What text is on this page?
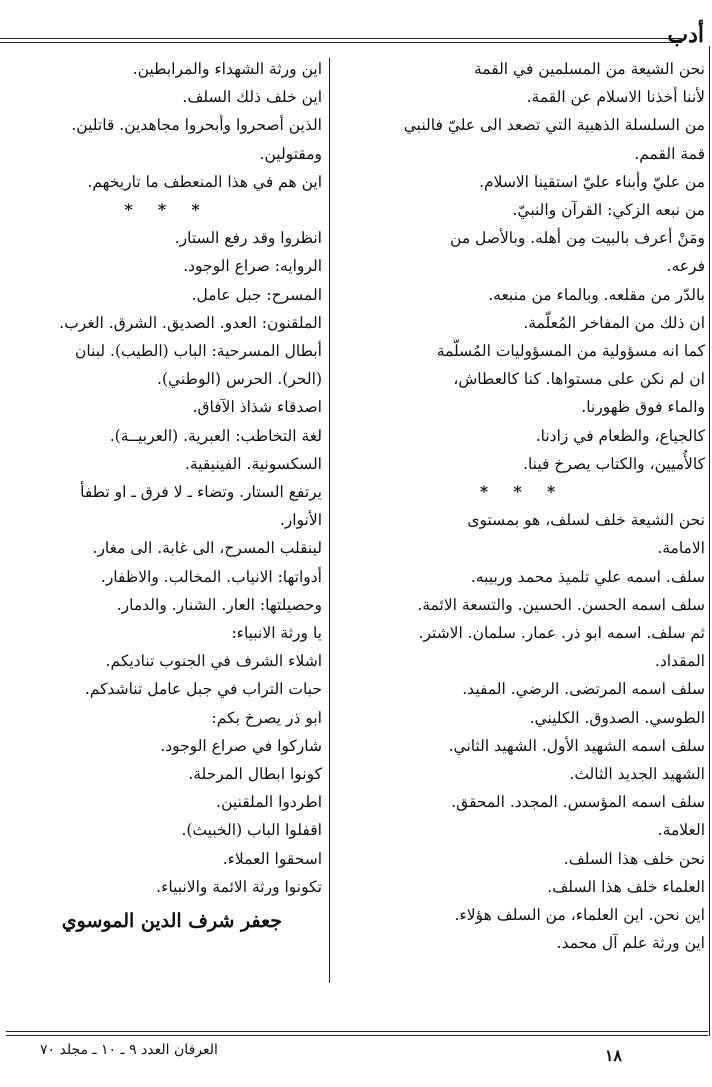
أدب
نحن الشيعة من المسلمين في القمة
لأننا أخذنا الاسلام عن القمة.
من السلسلة الذهبية التي تصعد الى عليّ فالنبي
قمة القمم.
من عليّ وأبناء عليّ استقينا الاسلام.
من نبعه الزكي: القرآن والنبيّ.
ومَنْ أعرف بالبيت مِن أهله. وبالأصل من
فرعه.
بالدّر من مقلعه. وبالماء من منبعه.
ان ذلك من المفاخر المُعلّمة.
كما انه مسؤولية من المسؤوليات المُسلّمة
ان لم نكن على مستواها. كنا كالعطاش،
والماء فوق ظهورنا.
كالجياع، والطعام في زادنا.
كالأُميين، والكتاب يصرخ فينا.
* * *
نحن الشيعة خلف لسلف، هو بمستوى
الامامة.
سلف. اسمه علي تلميذ محمد وربيبه.
سلف اسمه الحسن. الحسين. والتسعة الائمة.
ثم سلف. اسمه ابو ذر. عمار. سلمان. الاشتر.
المقداد.
سلف اسمه المرتضى. الرضي. المفيد.
الطوسي. الصدوق. الكليني.
سلف اسمه الشهيد الأول. الشهيد الثاني.
الشهيد الجديد الثالث.
سلف اسمه المؤسس. المجدد. المحقق.
العلامة.
نحن خلف هذا السلف.
العلماء خلف هذا السلف.
اين نحن. اين العلماء، من السلف هؤلاء.
اين ورثة علم آل محمد.
اين ورثة الشهداء والمرابطين.
اين خلف ذلك السلف.
الذين أصحروا وأبحروا مجاهدين. قاتلين.
ومقتولين.
اين هم في هذا المنعطف ما تاريخهم.
* * *
انظروا وقد رفع الستار.
الروايه: صراع الوجود.
المسرح: جبل عامل.
الملقنون: العدو. الصديق. الشرق. الغرب.
أبطال المسرحية: الباب (الطيب). لبنان
(الحر). الحرس (الوطني).
اصدقاء شذاذ الآفاق.
لغة التخاطب: العبرية. (العربيــة).
السكسونية. الفينيقية.
يرتفع الستار. وتضاء ـ لا فرق ـ او تطفأ
الأنوار.
لينقلب المسرح، الى غابة. الى مغار.
أدواتها: الانياب. المخالب. والاظفار.
وحصيلتها: العار. الشنار. والدمار.
يا ورثة الانبياء:
اشلاء الشرف في الجنوب تناديكم.
حبات التراب في جبل عامل تناشدكم.
ابو ذر يصرخ بكم:
شاركوا في صراع الوجود.
كونوا ابطال المرحلة.
اطردوا الملقنين.
اقفلوا الباب (الخبيث).
اسحقوا العملاء.
تكونوا ورثة الائمة والانبياء.
جعفر شرف الدين الموسوي
١٨
العرفان العدد ٩ ـ ١٠ ـ مجلد ٧٠
